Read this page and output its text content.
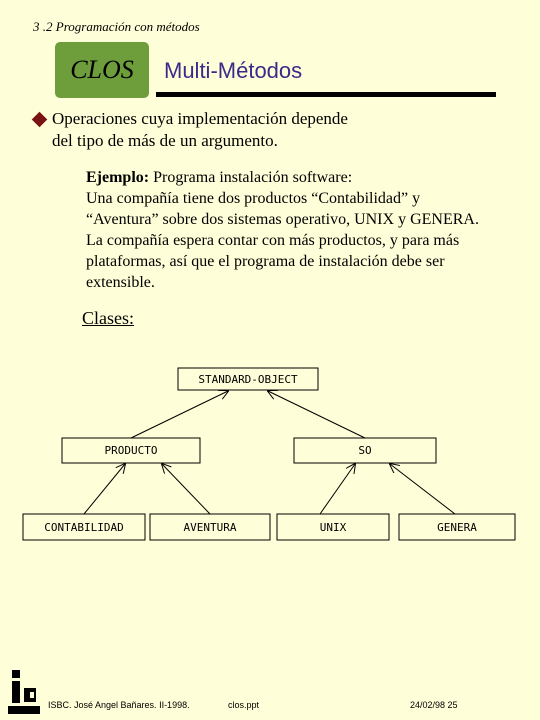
3 .2 Programación con métodos
CLOS Multi-Métodos
Operaciones cuya implementación depende
del tipo de más de un argumento.
Ejemplo: Programa instalación software:
Una compañía tiene dos productos “Contabilidad” y
“Aventura” sobre dos sistemas operativo, UNIX y GENERA.
La compañía espera contar con más productos, y para más
plataformas, así que el programa de instalación debe ser
extensible.
Clases:
STANDARD-OBJECT
PRODUCTO	SO
CONTABILIDAD	AVENTURA	UNIX	GENERA
ISBC. José Angel Bañares. II-1998.	clos.ppt	24/02/98 25
